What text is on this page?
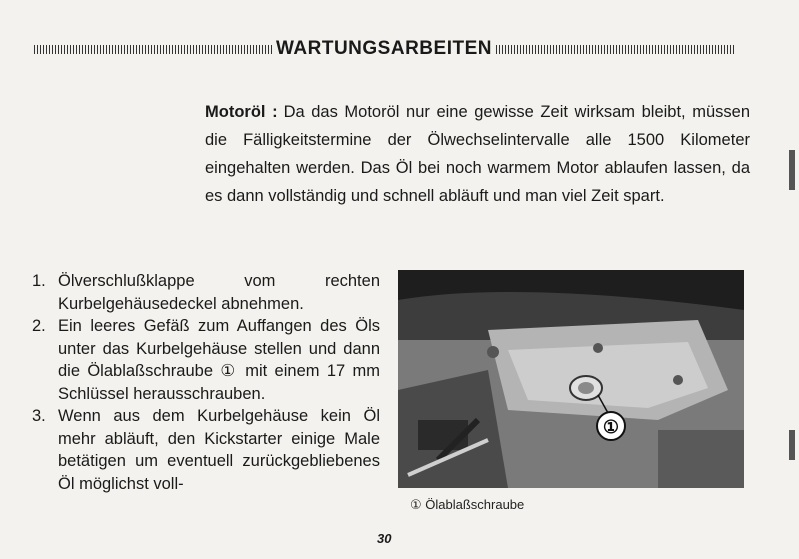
WARTUNGSARBEITEN
Motoröl : Da das Motoröl nur eine gewisse Zeit wirksam bleibt, müssen die Fälligkeitstermine der Ölwechselintervalle alle 1500 Kilometer eingehalten werden. Das Öl bei noch warmem Motor ablaufen lassen, da es dann vollständig und schnell abläuft und man viel Zeit spart.
1. Ölverschlußklappe vom rechten Kurbelgehäusedeckel abnehmen.
2. Ein leeres Gefäß zum Auffangen des Öls unter das Kurbelgehäuse stellen und dann die Ölablaßschraube ① mit einem 17 mm Schlüssel herausschrauben.
3. Wenn aus dem Kurbelgehäuse kein Öl mehr abläuft, den Kickstarter einige Male betätigen um eventuell zurückgebliebenes Öl möglichst voll-
①
① Ölablaßschraube
30
